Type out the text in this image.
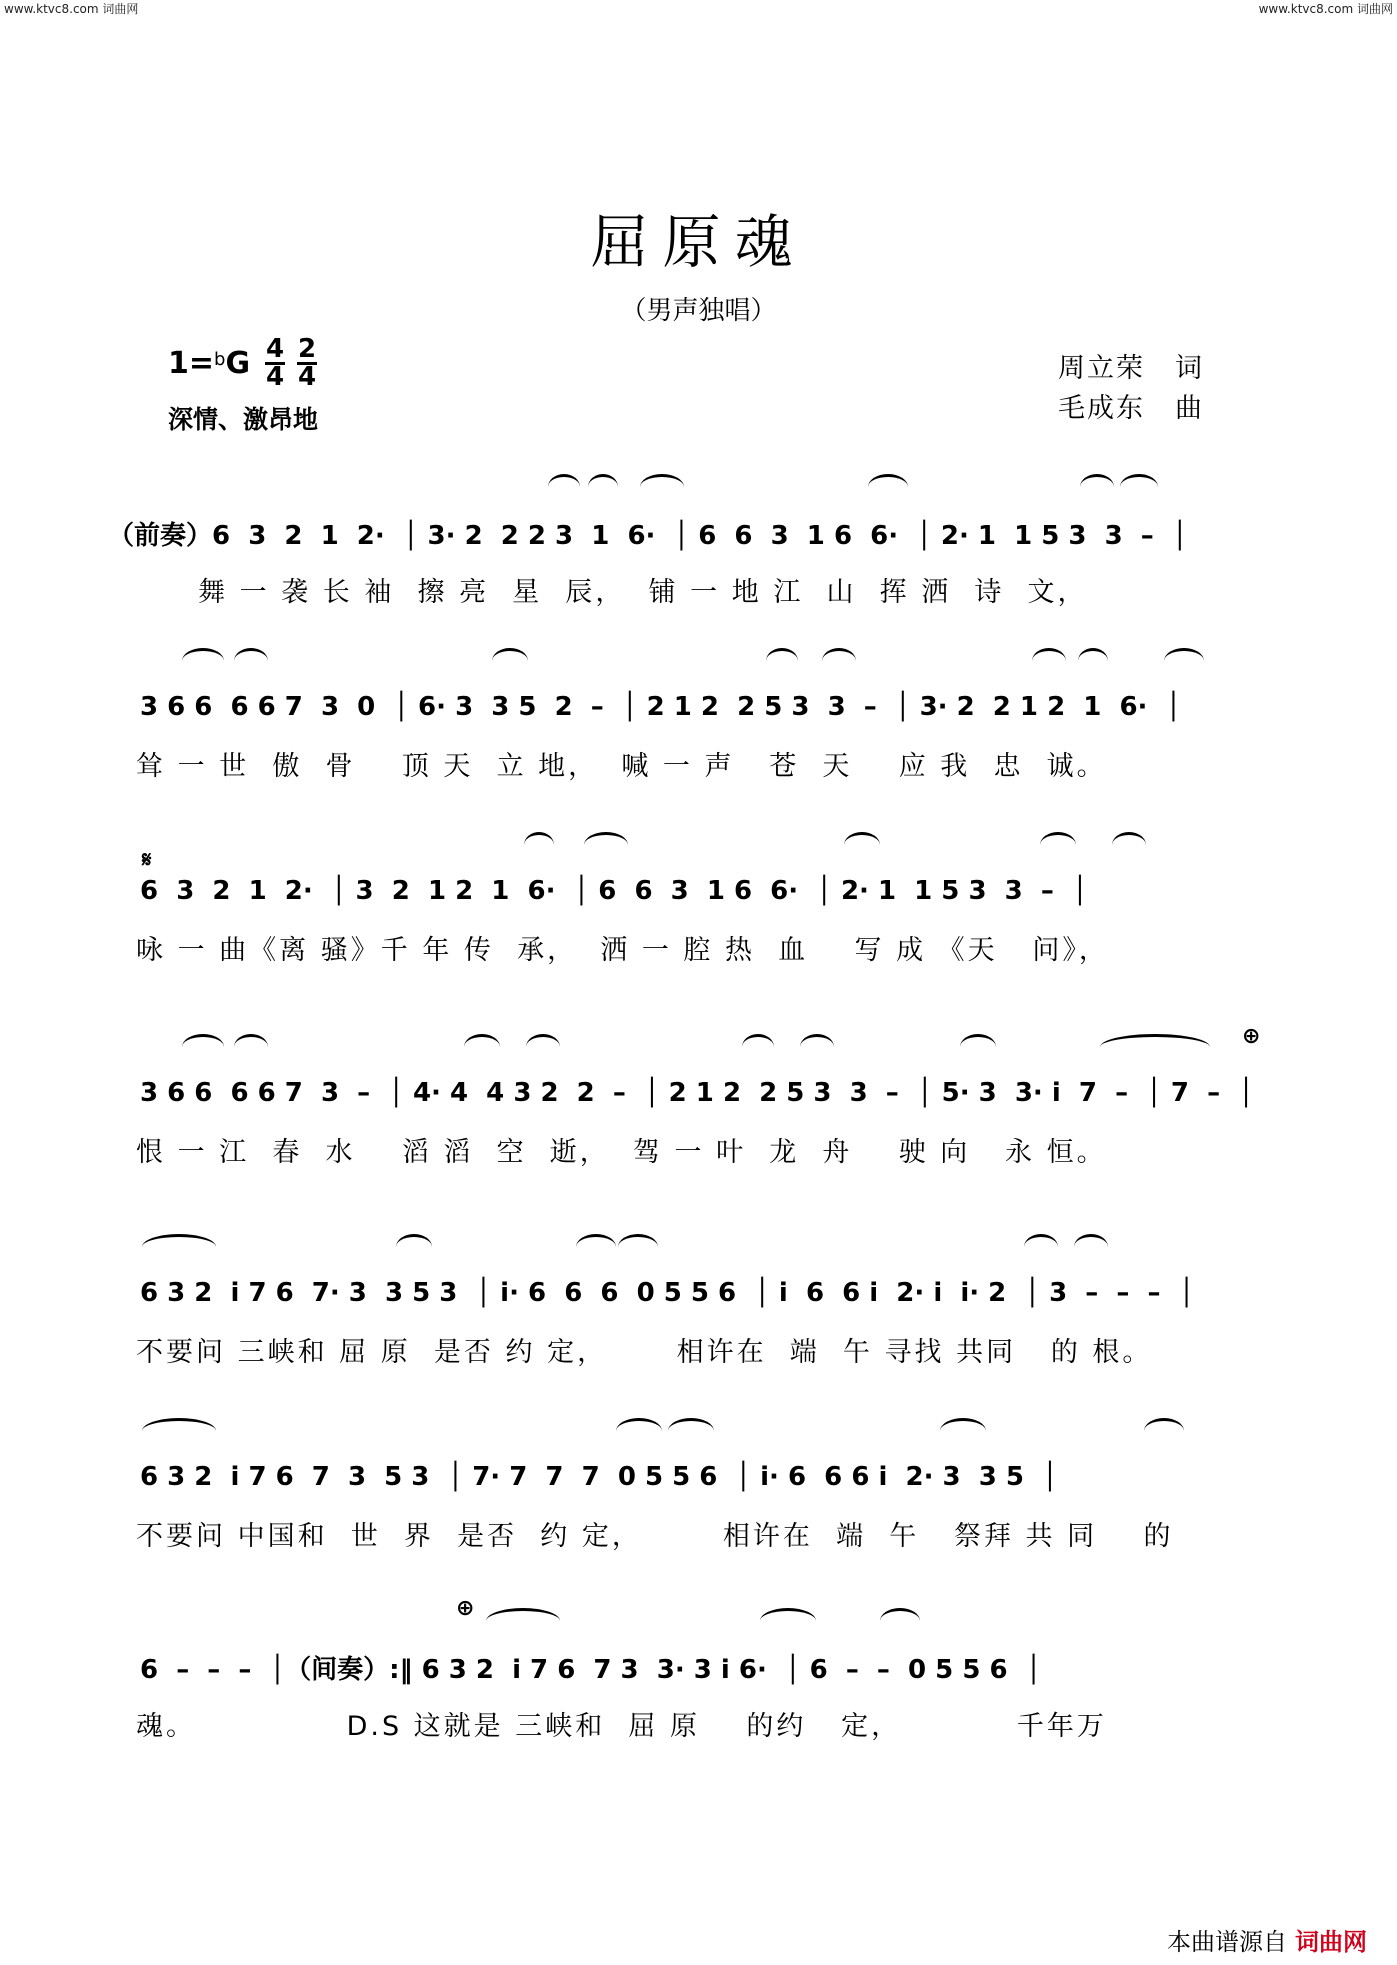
www.ktvc8.com 词曲网	www.ktvc8.com 词曲网
屈原魂
（男声独唱）
1=$^b$G 4
4
2
4
深情、激昂地
周立荣 词
毛成东 曲
（前奏）6  3  2  1  2·  │ 3· 2  2 2 3  1  6·  │ 6  6  3  1 6  6·  │ 2· 1  1 5 3  3  –  │
舞 一 袭 长 袖  擦 亮  星  辰，  铺 一 地 江  山  挥 洒  诗  文，
3 6 6  6 6 7  3  0  │ 6· 3  3 5  2  –  │ 2 1 2  2 5 3  3  –  │ 3· 2  2 1 2  1  6·  │
耸 一 世  傲  骨    顶 天  立 地，  喊 一 声   苍  天    应 我  忠  诚。
𝄋
6  3  2  1  2·  │ 3  2  1 2  1  6·  │ 6  6  3  1 6  6·  │ 2· 1  1 5 3  3  –  │
咏 一 曲《离 骚》千 年 传  承，  洒 一 腔 热  血    写 成 《天   问》，
⊕
3 6 6  6 6 7  3  –  │ 4· 4  4 3 2  2  –  │ 2 1 2  2 5 3  3  –  │ 5· 3  3· i  7  –  │ 7  –  │
恨 一 江  春  水    滔 滔  空  逝，  驾 一 叶  龙  舟    驶 向   永 恒。
6 3 2  i 7 6  7· 3  3 5 3  │ i· 6  6  6  0 5 5 6  │ i  6  6 i  2· i  i· 2  │ 3  –  –  –  │
不要问 三峡和 屈 原  是否 约 定，      相许在  端  午 寻找 共同   的 根。
6 3 2  i 7 6  7  3  5 3  │ 7· 7  7  7  0 5 5 6  │ i· 6  6 6 i  2· 3  3 5  │
不要问 中国和  世  界  是否  约 定，       相许在  端  午   祭拜 共 同    的
⊕
6  –  –  –  │（间奏）:‖ 6 3 2  i 7 6  7 3  3· 3 i 6·  │ 6  –  –  0 5 5 6  │
魂。             D.S 这就是 三峡和  屈 原    的约   定，          千年万
本曲谱源自 词曲网
